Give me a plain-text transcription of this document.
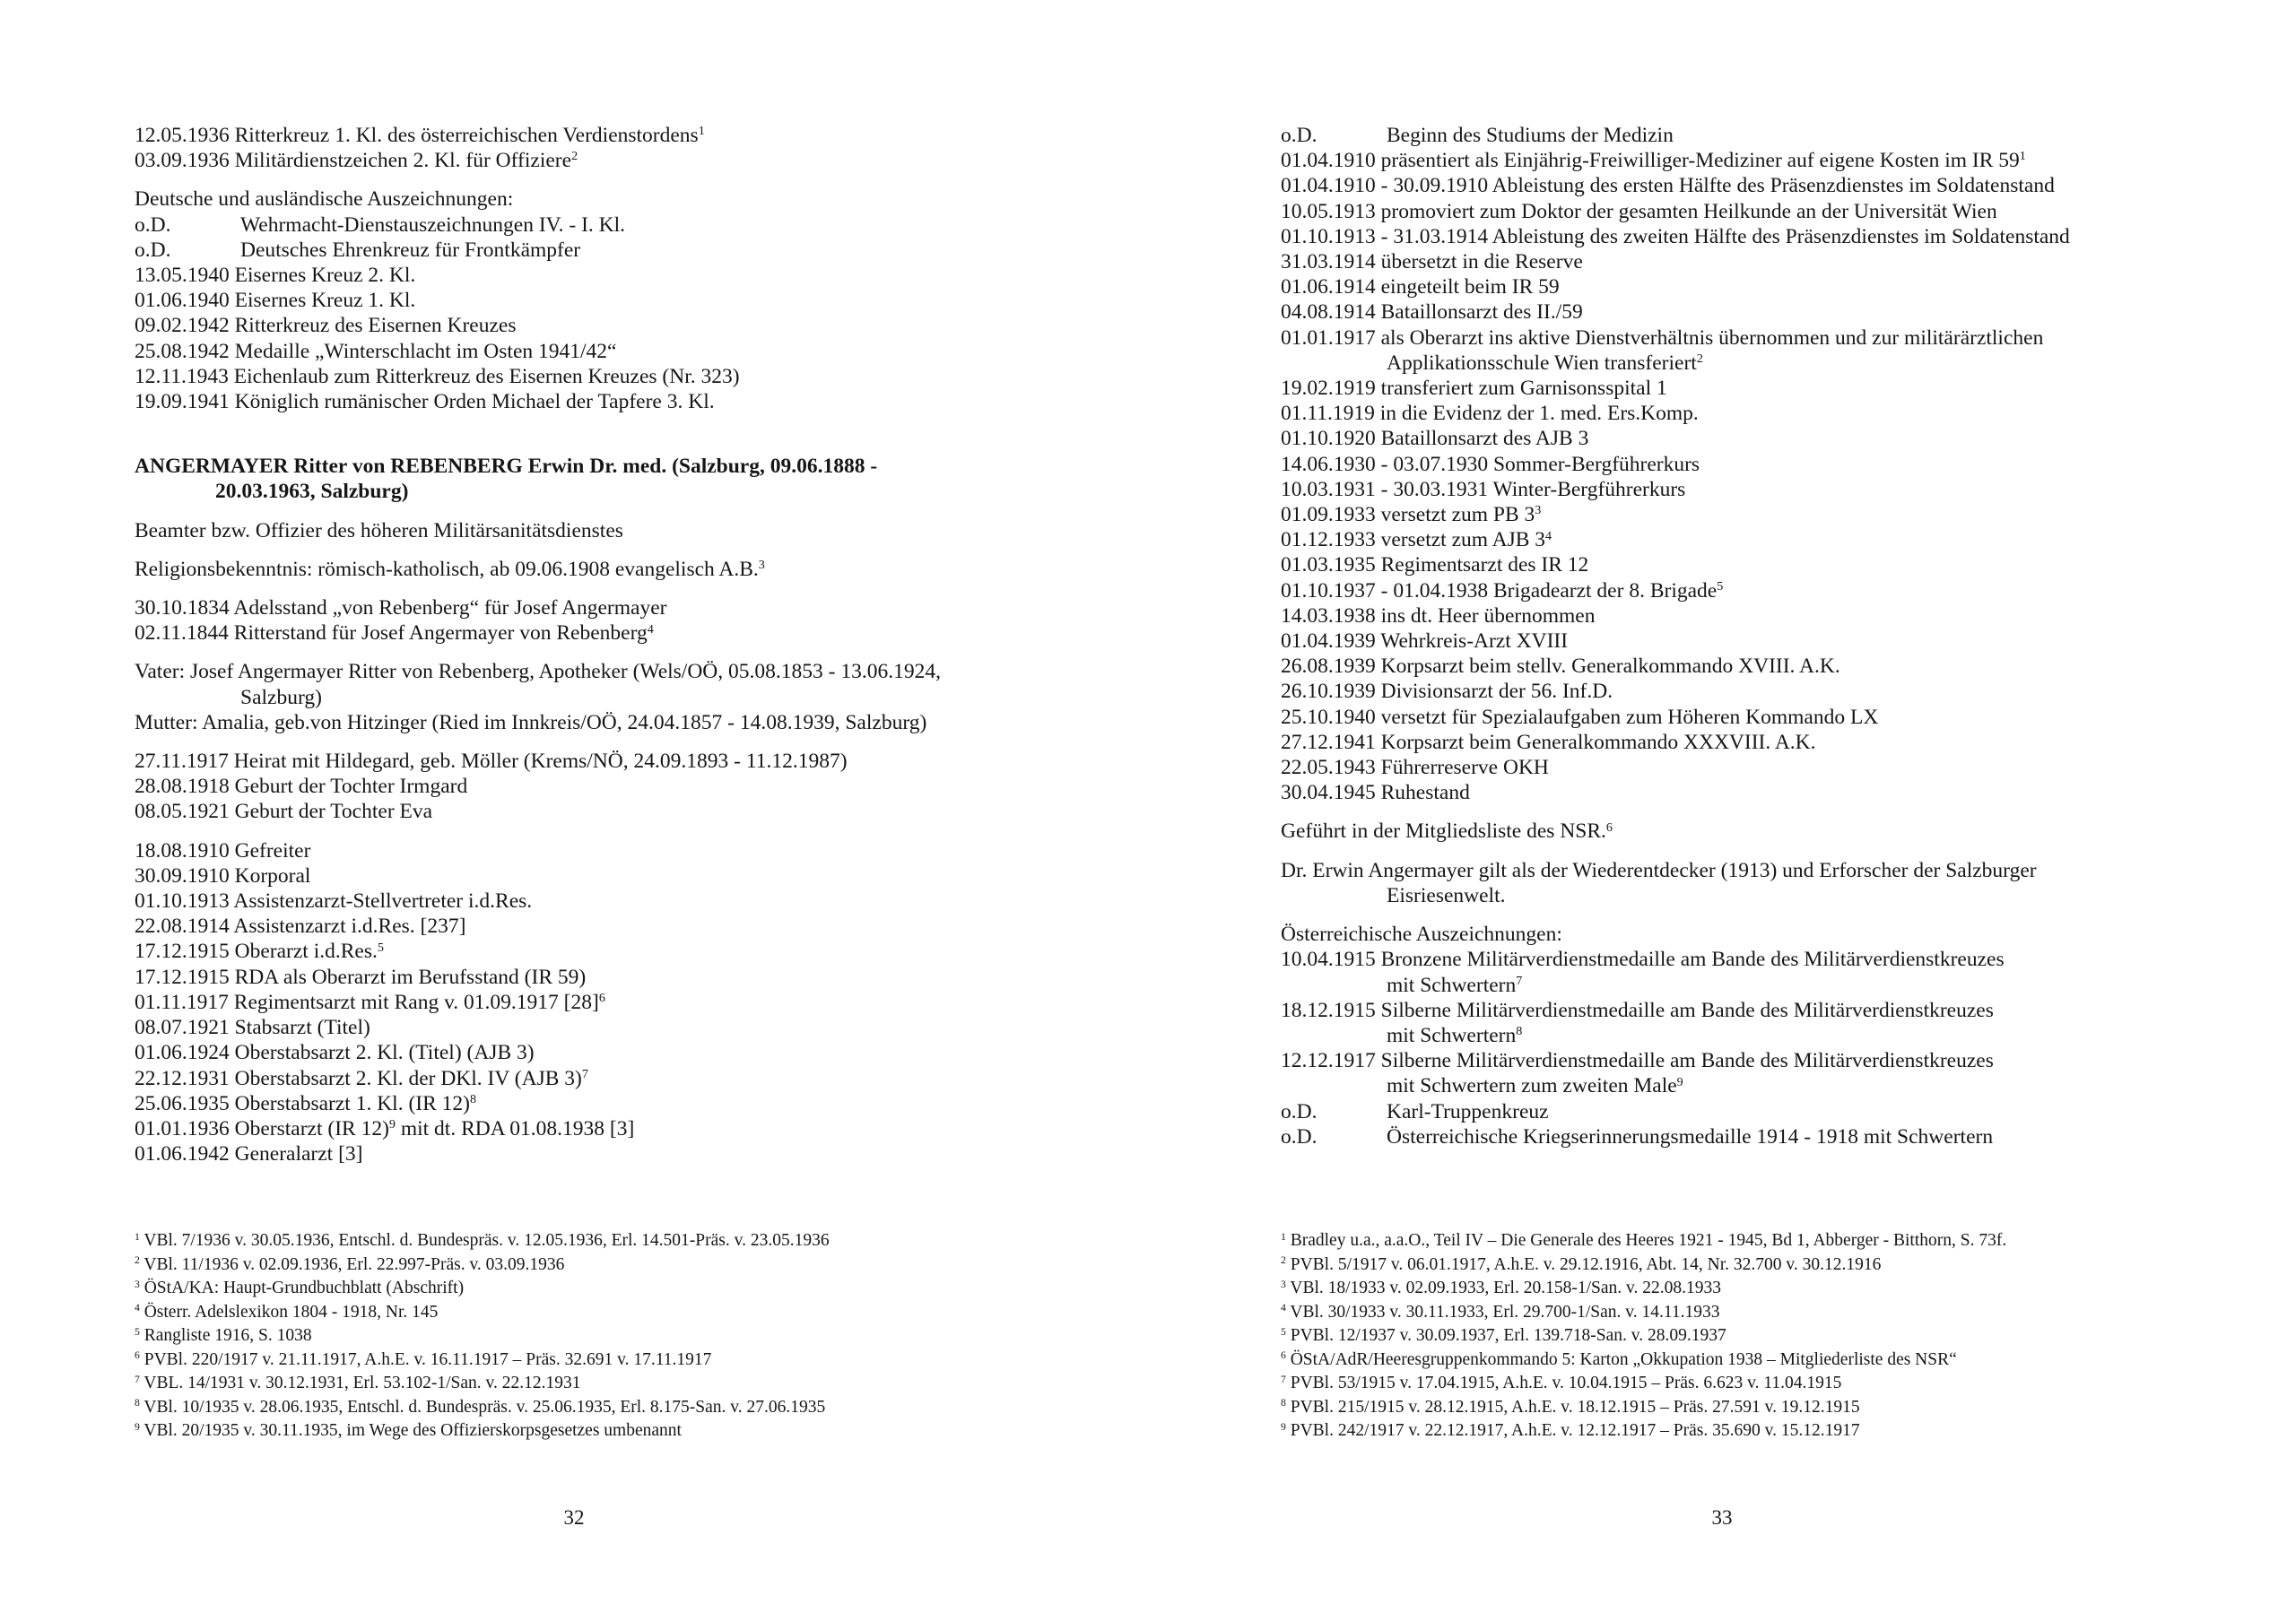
12.05.1936 Ritterkreuz 1. Kl. des österreichischen Verdienstordens$^1$
03.09.1936 Militärdienstzeichen 2. Kl. für Offiziere$^2$
Deutsche und ausländische Auszeichnungen:
o.D.	Wehrmacht-Dienstauszeichnungen IV. - I. Kl.
o.D.	Deutsches Ehrenkreuz für Frontkämpfer
13.05.1940 Eisernes Kreuz 2. Kl.
01.06.1940 Eisernes Kreuz 1. Kl.
09.02.1942 Ritterkreuz des Eisernen Kreuzes
25.08.1942 Medaille „Winterschlacht im Osten 1941/42“
12.11.1943 Eichenlaub zum Ritterkreuz des Eisernen Kreuzes (Nr. 323)
19.09.1941 Königlich rumänischer Orden Michael der Tapfere 3. Kl.
ANGERMAYER Ritter von REBENBERG Erwin Dr. med. (Salzburg, 09.06.1888 -
20.03.1963, Salzburg)
Beamter bzw. Offizier des höheren Militärsanitätsdienstes
Religionsbekenntnis: römisch-katholisch, ab 09.06.1908 evangelisch A.B.$^3$
30.10.1834 Adelsstand „von Rebenberg“ für Josef Angermayer
02.11.1844 Ritterstand für Josef Angermayer von Rebenberg$^4$
Vater: Josef Angermayer Ritter von Rebenberg, Apotheker (Wels/OÖ, 05.08.1853 - 13.06.1924,
Salzburg)
Mutter: Amalia, geb.von Hitzinger (Ried im Innkreis/OÖ, 24.04.1857 - 14.08.1939, Salzburg)
27.11.1917 Heirat mit Hildegard, geb. Möller (Krems/NÖ, 24.09.1893 - 11.12.1987)
28.08.1918 Geburt der Tochter Irmgard
08.05.1921 Geburt der Tochter Eva
18.08.1910 Gefreiter
30.09.1910 Korporal
01.10.1913 Assistenzarzt-Stellvertreter i.d.Res.
22.08.1914 Assistenzarzt i.d.Res. [237]
17.12.1915 Oberarzt i.d.Res.$^5$
17.12.1915 RDA als Oberarzt im Berufsstand (IR 59)
01.11.1917 Regimentsarzt mit Rang v. 01.09.1917 $[28]^6$
08.07.1921 Stabsarzt (Titel)
01.06.1924 Oberstabsarzt 2. Kl. (Titel) (AJB 3)
22.12.1931 Oberstabsarzt 2. Kl. der DKl. IV (AJB 3)$^7$
25.06.1935 Oberstabsarzt 1. Kl. (IR 12)$^8$
01.01.1936 Oberstarzt (IR 12)$^9$ mit dt. RDA 01.08.1938 [3]
01.06.1942 Generalarzt [3]
o.D.	Beginn des Studiums der Medizin
01.04.1910 präsentiert als Einjährig-Freiwilliger-Mediziner auf eigene Kosten im IR $59^1$
01.04.1910 - 30.09.1910 Ableistung des ersten Hälfte des Präsenzdienstes im Soldatenstand
10.05.1913 promoviert zum Doktor der gesamten Heilkunde an der Universität Wien
01.10.1913 - 31.03.1914 Ableistung des zweiten Hälfte des Präsenzdienstes im Soldatenstand
31.03.1914 übersetzt in die Reserve
01.06.1914 eingeteilt beim IR 59
04.08.1914 Bataillonsarzt des II./59
01.01.1917 als Oberarzt ins aktive Dienstverhältnis übernommen und zur militärärztlichen
Applikationsschule Wien transferiert$^2$
19.02.1919 transferiert zum Garnisonsspital 1
01.11.1919 in die Evidenz der 1. med. Ers.Komp.
01.10.1920 Bataillonsarzt des AJB 3
14.06.1930 - 03.07.1930 Sommer-Bergführerkurs
10.03.1931 - 30.03.1931 Winter-Bergführerkurs
01.09.1933 versetzt zum PB $3^3$
01.12.1933 versetzt zum AJB $3^4$
01.03.1935 Regimentsarzt des IR 12
01.10.1937 - 01.04.1938 Brigadearzt der 8. Brigade$^5$
14.03.1938 ins dt. Heer übernommen
01.04.1939 Wehrkreis-Arzt XVIII
26.08.1939 Korpsarzt beim stellv. Generalkommando XVIII. A.K.
26.10.1939 Divisionsarzt der 56. Inf.D.
25.10.1940 versetzt für Spezialaufgaben zum Höheren Kommando LX
27.12.1941 Korpsarzt beim Generalkommando XXXVIII. A.K.
22.05.1943 Führerreserve OKH
30.04.1945 Ruhestand
Geführt in der Mitgliedsliste des NSR.$^6$
Dr. Erwin Angermayer gilt als der Wiederentdecker (1913) und Erforscher der Salzburger
Eisriesenwelt.
Österreichische Auszeichnungen:
10.04.1915 Bronzene Militärverdienstmedaille am Bande des Militärverdienstkreuzes
mit Schwertern$^7$
18.12.1915 Silberne Militärverdienstmedaille am Bande des Militärverdienstkreuzes
mit Schwertern$^8$
12.12.1917 Silberne Militärverdienstmedaille am Bande des Militärverdienstkreuzes
mit Schwertern zum zweiten Male$^9$
o.D.	Karl-Truppenkreuz
o.D.	Österreichische Kriegserinnerungsmedaille 1914 - 1918 mit Schwertern
$^1$ VBl. 7/1936 v. 30.05.1936, Entschl. d. Bundespräs. v. 12.05.1936, Erl. 14.501-Präs. v. 23.05.1936
$^2$ VBl. 11/1936 v. 02.09.1936, Erl. 22.997-Präs. v. 03.09.1936
$^3$ ÖStA/KA: Haupt-Grundbuchblatt (Abschrift)
$^4$ Österr. Adelslexikon 1804 - 1918, Nr. 145
$^5$ Rangliste 1916, S. 1038
$^6$ PVBl. 220/1917 v. 21.11.1917, A.h.E. v. 16.11.1917 – Präs. 32.691 v. 17.11.1917
$^7$ VBL. 14/1931 v. 30.12.1931, Erl. 53.102-1/San. v. 22.12.1931
$^8$ VBl. 10/1935 v. 28.06.1935, Entschl. d. Bundespräs. v. 25.06.1935, Erl. 8.175-San. v. 27.06.1935
$^9$ VBl. 20/1935 v. 30.11.1935, im Wege des Offizierskorpsgesetzes umbenannt
$^1$ Bradley u.a., a.a.O., Teil IV – Die Generale des Heeres 1921 - 1945, Bd 1, Abberger - Bitthorn, S. 73f.
$^2$ PVBl. 5/1917 v. 06.01.1917, A.h.E. v. 29.12.1916, Abt. 14, Nr. 32.700 v. 30.12.1916
$^3$ VBl. 18/1933 v. 02.09.1933, Erl. 20.158-1/San. v. 22.08.1933
$^4$ VBl. 30/1933 v. 30.11.1933, Erl. 29.700-1/San. v. 14.11.1933
$^5$ PVBl. 12/1937 v. 30.09.1937, Erl. 139.718-San. v. 28.09.1937
$^6$ ÖStA/AdR/Heeresgruppenkommando 5: Karton „Okkupation 1938 – Mitgliederliste des NSR“
$^7$ PVBl. 53/1915 v. 17.04.1915, A.h.E. v. 10.04.1915 – Präs. 6.623 v. 11.04.1915
$^8$ PVBl. 215/1915 v. 28.12.1915, A.h.E. v. 18.12.1915 – Präs. 27.591 v. 19.12.1915
$^9$ PVBl. 242/1917 v. 22.12.1917, A.h.E. v. 12.12.1917 – Präs. 35.690 v. 15.12.1917
32	33
